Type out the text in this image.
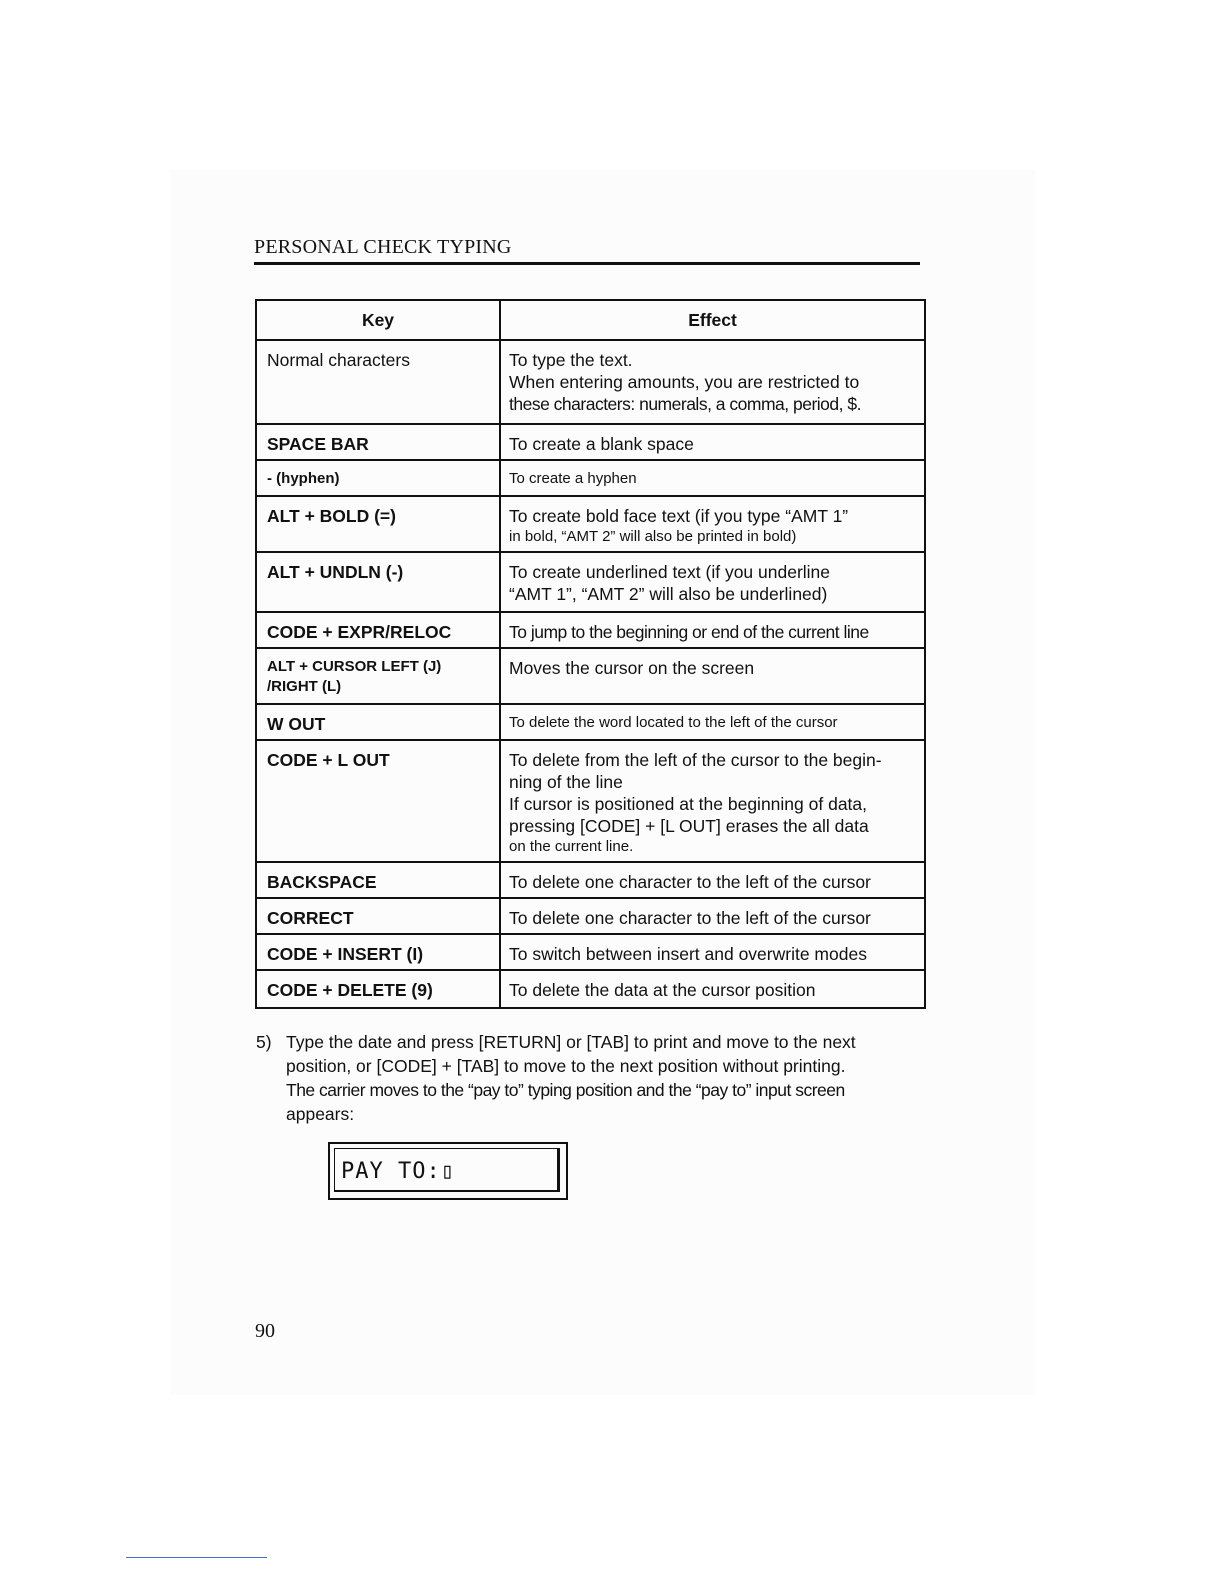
PERSONAL CHECK TYPING
Key	Effect
Normal characters	To type the text.
When entering amounts, you are restricted to
these characters: numerals, a comma, period, $.

SPACE BAR	To create a blank space

- (hyphen)	To create a hyphen

ALT + BOLD (=)	To create bold face text (if you type “AMT 1”
in bold, “AMT 2” will also be printed in bold)

ALT + UNDLN (-)	To create underlined text (if you underline
“AMT 1”, “AMT 2” will also be underlined)

CODE + EXPR/RELOC	To jump to the beginning or end of the current line

ALT + CURSOR LEFT (J)
/RIGHT (L)	Moves the cursor on the screen

W OUT	To delete the word located to the left of the cursor

CODE + L OUT	To delete from the left of the cursor to the begin-
ning of the line
If cursor is positioned at the beginning of data,
pressing [CODE] + [L OUT] erases the all data
on the current line.

BACKSPACE	To delete one character to the left of the cursor

CORRECT	To delete one character to the left of the cursor

CODE + INSERT (I)	To switch between insert and overwrite modes

CODE + DELETE (9)	To delete the data at the cursor position
5) Type the date and press [RETURN] or [TAB] to print and move to the next
position, or [CODE] + [TAB] to move to the next position without printing.
The carrier moves to the “pay to” typing position and the “pay to” input screen
appears:
PAY TO:▯
90
